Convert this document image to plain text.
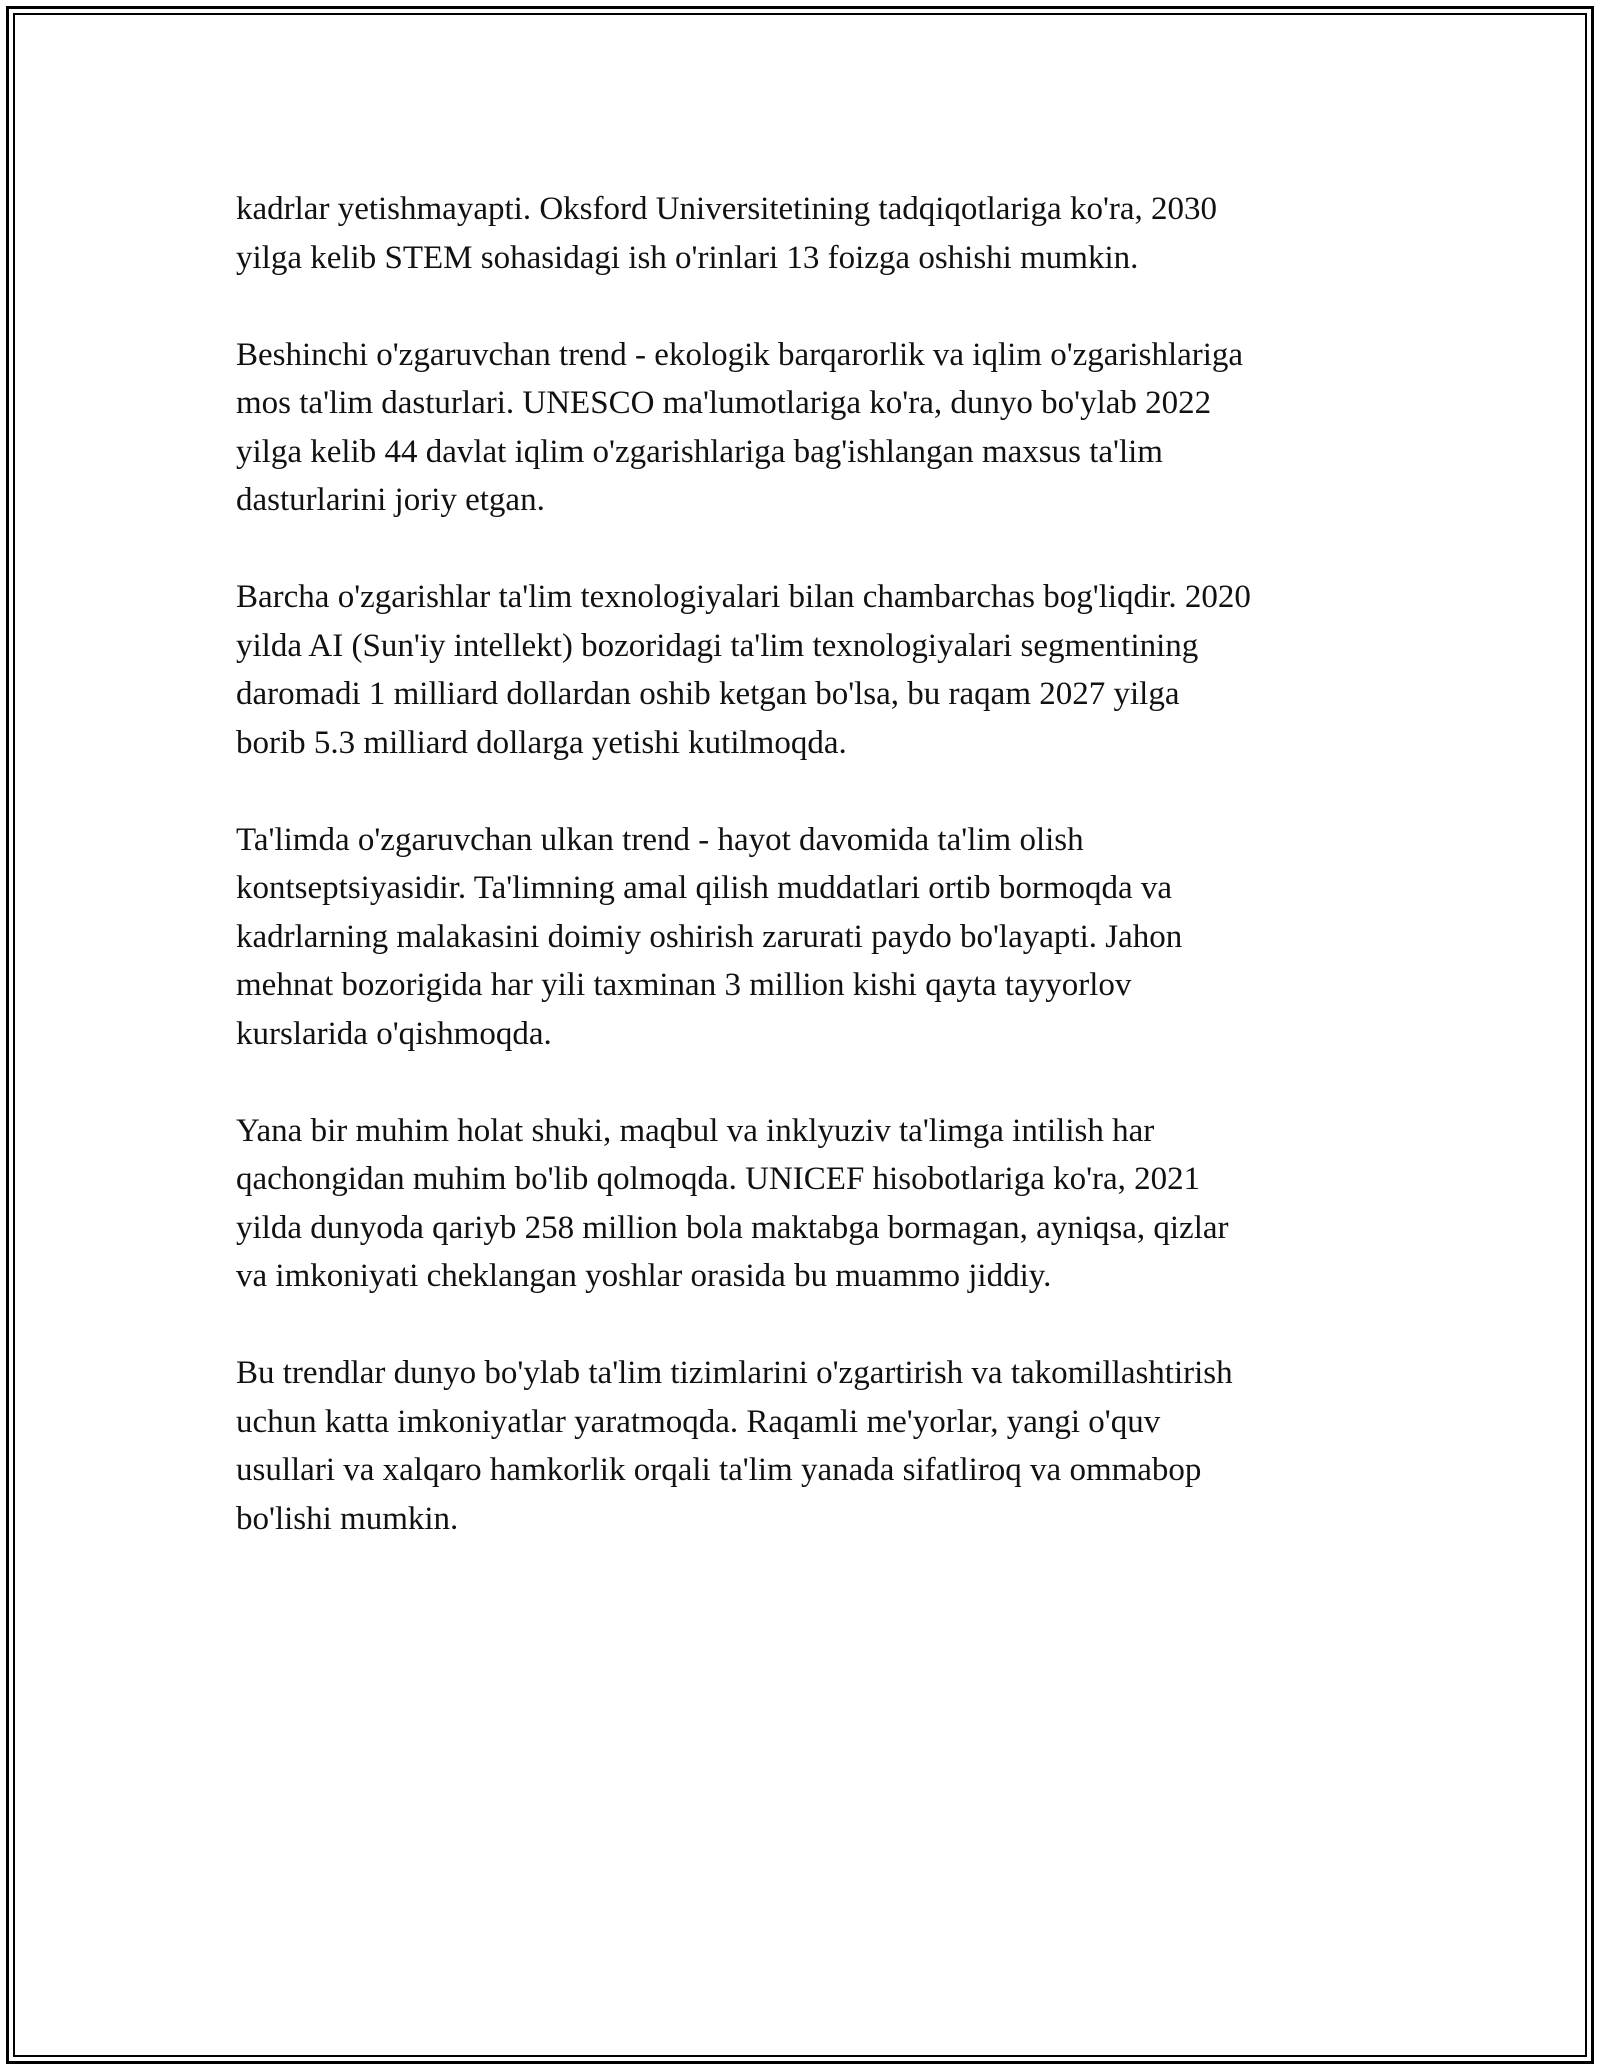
kadrlar yetishmayapti. Oksford Universitetining tadqiqotlariga ko'ra, 2030
yilga kelib STEM sohasidagi ish o'rinlari 13 foizga oshishi mumkin.

Beshinchi o'zgaruvchan trend - ekologik barqarorlik va iqlim o'zgarishlariga
mos ta'lim dasturlari. UNESCO ma'lumotlariga ko'ra, dunyo bo'ylab 2022
yilga kelib 44 davlat iqlim o'zgarishlariga bag'ishlangan maxsus ta'lim
dasturlarini joriy etgan.

Barcha o'zgarishlar ta'lim texnologiyalari bilan chambarchas bog'liqdir. 2020
yilda AI (Sun'iy intellekt) bozoridagi ta'lim texnologiyalari segmentining
daromadi 1 milliard dollardan oshib ketgan bo'lsa, bu raqam 2027 yilga
borib 5.3 milliard dollarga yetishi kutilmoqda.

Ta'limda o'zgaruvchan ulkan trend - hayot davomida ta'lim olish
kontseptsiyasidir. Ta'limning amal qilish muddatlari ortib bormoqda va
kadrlarning malakasini doimiy oshirish zarurati paydo bo'layapti. Jahon
mehnat bozorigida har yili taxminan 3 million kishi qayta tayyorlov
kurslarida o'qishmoqda.

Yana bir muhim holat shuki, maqbul va inklyuziv ta'limga intilish har
qachongidan muhim bo'lib qolmoqda. UNICEF hisobotlariga ko'ra, 2021
yilda dunyoda qariyb 258 million bola maktabga bormagan, ayniqsa, qizlar
va imkoniyati cheklangan yoshlar orasida bu muammo jiddiy.

Bu trendlar dunyo bo'ylab ta'lim tizimlarini o'zgartirish va takomillashtirish
uchun katta imkoniyatlar yaratmoqda. Raqamli me'yorlar, yangi o'quv
usullari va xalqaro hamkorlik orqali ta'lim yanada sifatliroq va ommabop
bo'lishi mumkin.
